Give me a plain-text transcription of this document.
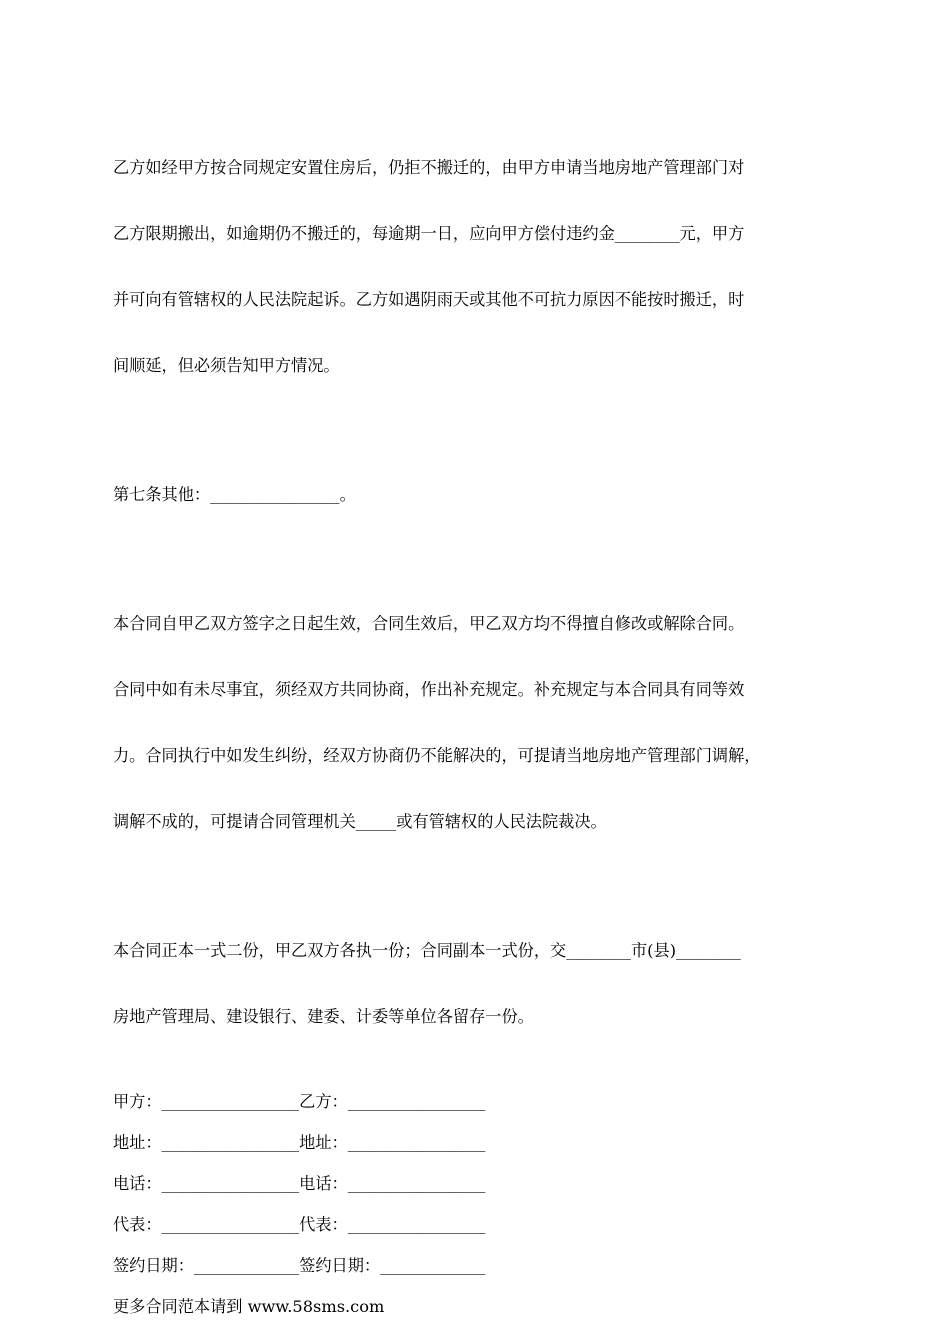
乙方如经甲方按合同规定安置住房后，仍拒不搬迁的，由甲方申请当地房地产管理部门对

乙方限期搬出，如逾期仍不搬迁的，每逾期一日，应向甲方偿付违约金________元，甲方

并可向有管辖权的人民法院起诉。乙方如遇阴雨天或其他不可抗力原因不能按时搬迁，时

间顺延，但必须告知甲方情况。

第七条其他：________________。

本合同自甲乙双方签字之日起生效，合同生效后，甲乙双方均不得擅自修改或解除合同。

合同中如有未尽事宜，须经双方共同协商，作出补充规定。补充规定与本合同具有同等效

力。合同执行中如发生纠纷，经双方协商仍不能解决的，可提请当地房地产管理部门调解，

调解不成的，可提请合同管理机关_____或有管辖权的人民法院裁决。

本合同正本一式二份，甲乙双方各执一份；合同副本一式份，交________市(县)________

房地产管理局、建设银行、建委、计委等单位各留存一份。

甲方：_________________乙方：_________________
地址：_________________地址：_________________
电话：_________________电话：_________________
代表：_________________代表：_________________
签约日期：_____________签约日期：_____________
更多合同范本请到 www.58sms.com
